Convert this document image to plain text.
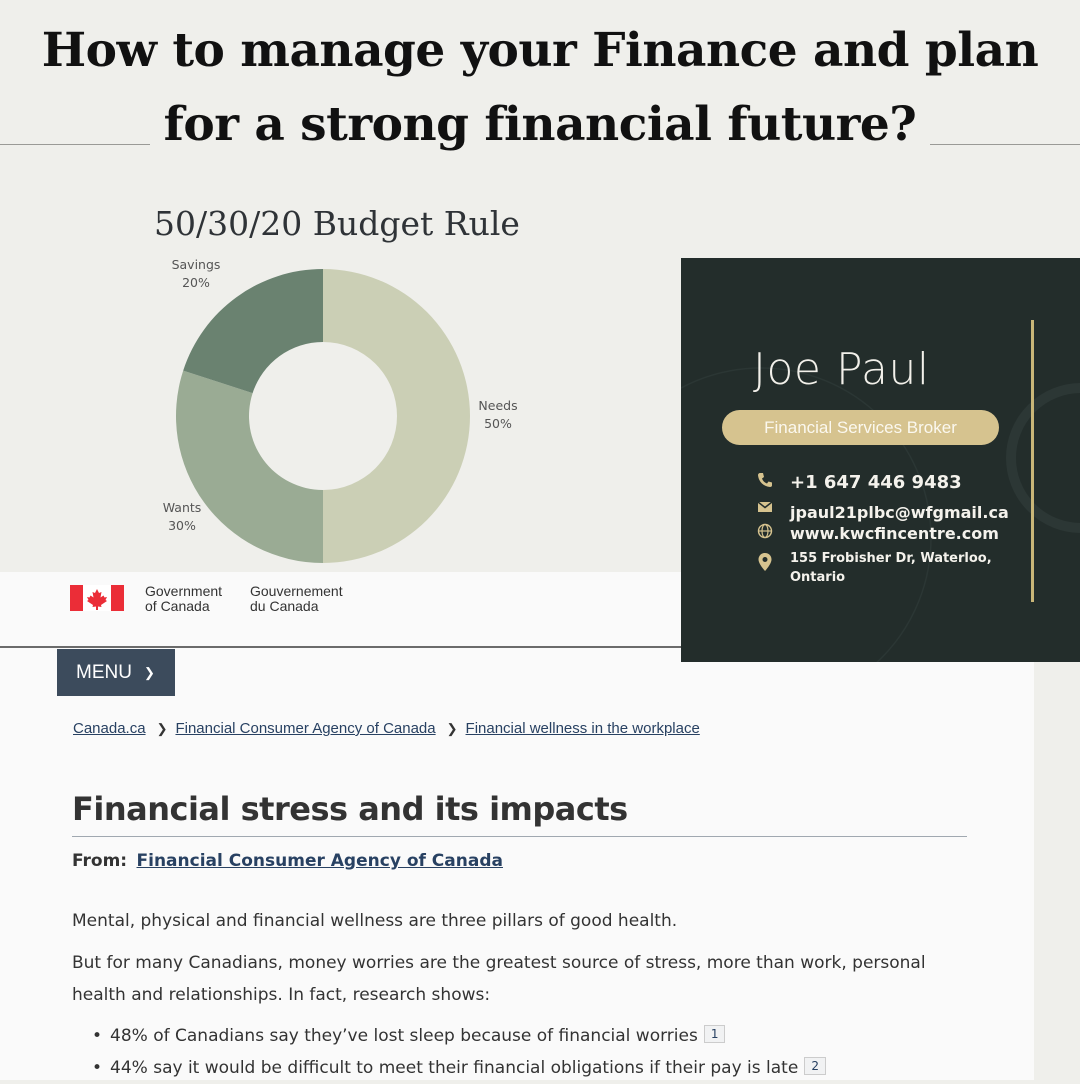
How to manage your Finance and plan
for a strong financial future?
50/30/20 Budget Rule
Needs
50%
Wants
30%
Savings
20%
Government
of Canada
Gouvernement
du Canada
MENU ❯
Canada.ca ❯ Financial Consumer Agency of Canada ❯ Financial wellness in the workplace
Financial stress and its impacts
From: Financial Consumer Agency of Canada
Mental, physical and financial wellness are three pillars of good health.
But for many Canadians, money worries are the greatest source of stress, more than work, personal health and relationships. In fact, research shows:
• 48% of Canadians say they’ve lost sleep because of financial worries 1
• 44% say it would be difficult to meet their financial obligations if their pay is late 2
Joe Paul
Financial Services Broker
+1 647 446 9483
jpaul21plbc@wfgmail.ca
www.kwcfincentre.com
155 Frobisher Dr, Waterloo,
Ontario
